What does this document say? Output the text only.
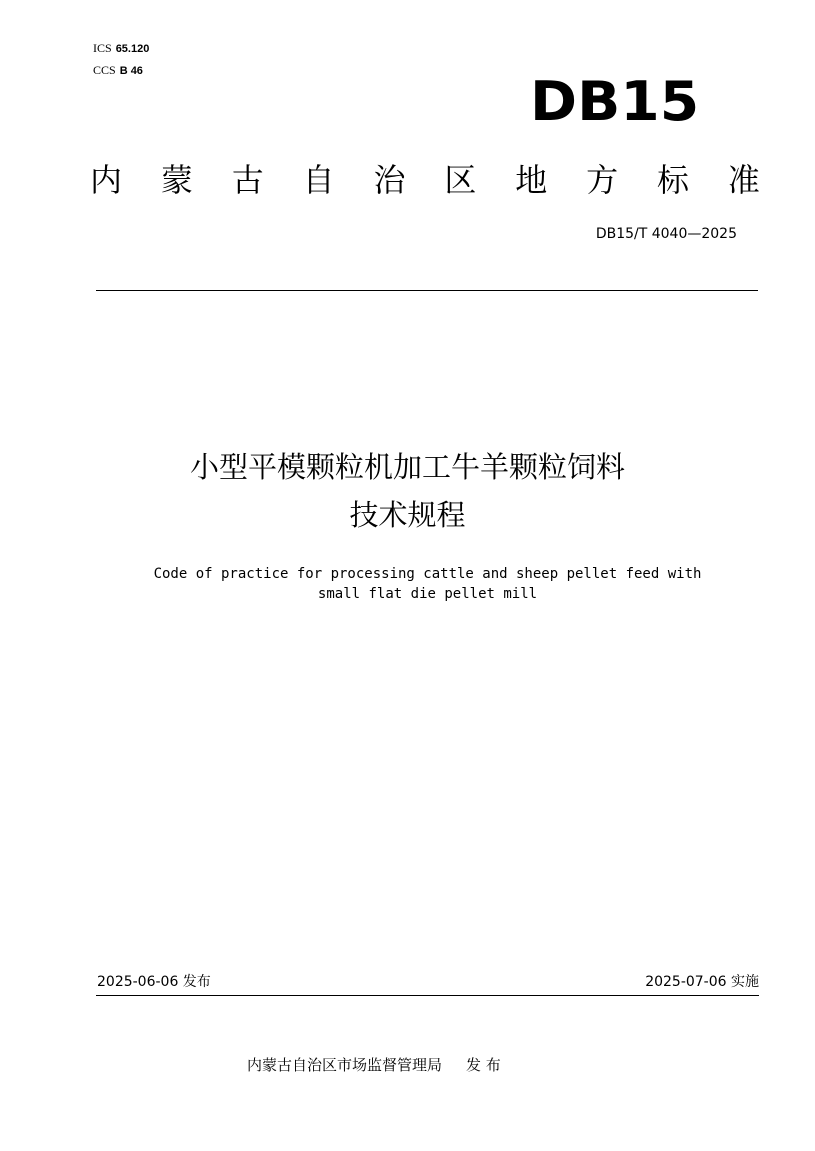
ICS 65.120
CCS B 46	DB15
内 蒙 古 自 治 区 地 方 标 准
DB15/T 4040—2025
小型平模颗粒机加工牛羊颗粒饲料
技术规程
Code of practice for processing cattle and sheep pellet feed with
small flat die pellet mill
2025-06-06 发布	2025-07-06 实施
内蒙古自治区市场监督管理局 发 布
